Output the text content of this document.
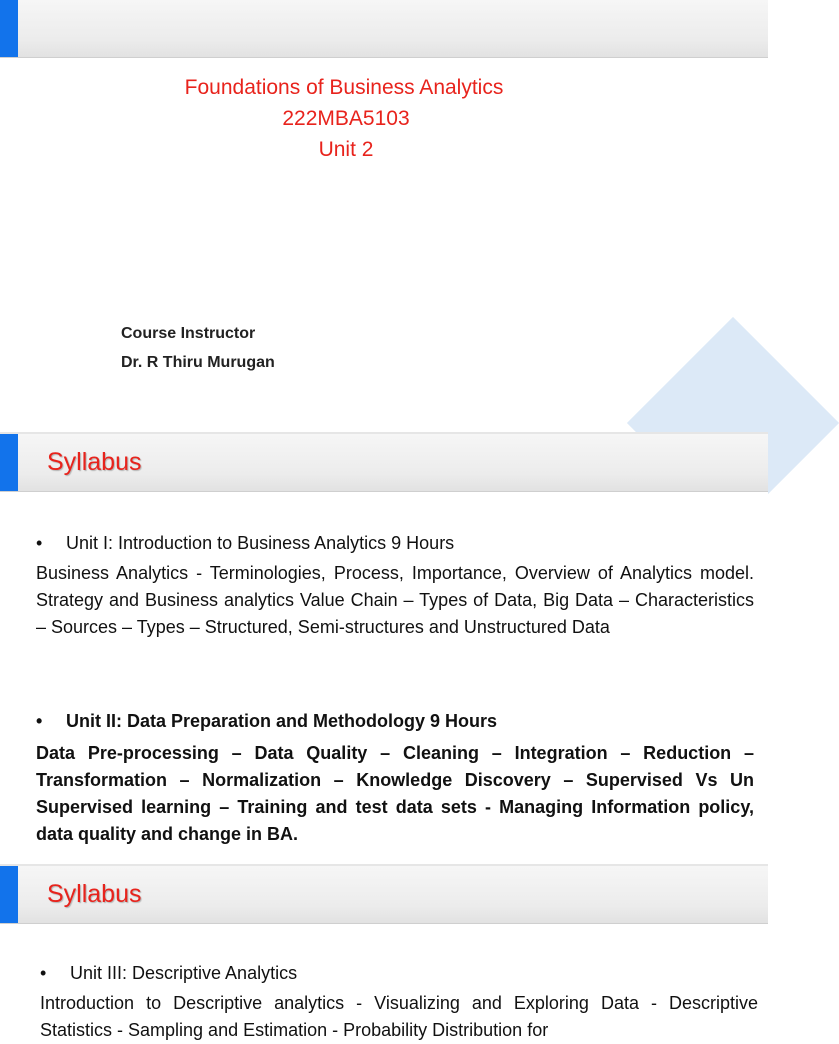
Foundations of Business Analytics
222MBA5103
Unit 2
Course Instructor
Dr. R Thiru Murugan
Syllabus
•	Unit I: Introduction to Business Analytics 9 Hours
Business Analytics - Terminologies, Process, Importance, Overview of Analytics model. Strategy and Business analytics Value Chain – Types of Data, Big Data – Characteristics – Sources – Types – Structured, Semi-structures and Unstructured Data
•	Unit II: Data Preparation and Methodology 9 Hours
Data Pre-processing – Data Quality – Cleaning – Integration – Reduction – Transformation – Normalization – Knowledge Discovery – Supervised Vs Un Supervised learning – Training and test data sets - Managing Information policy, data quality and change in BA.
Syllabus
•	Unit III: Descriptive Analytics
Introduction to Descriptive analytics - Visualizing and Exploring Data - Descriptive Statistics - Sampling and Estimation - Probability Distribution for
